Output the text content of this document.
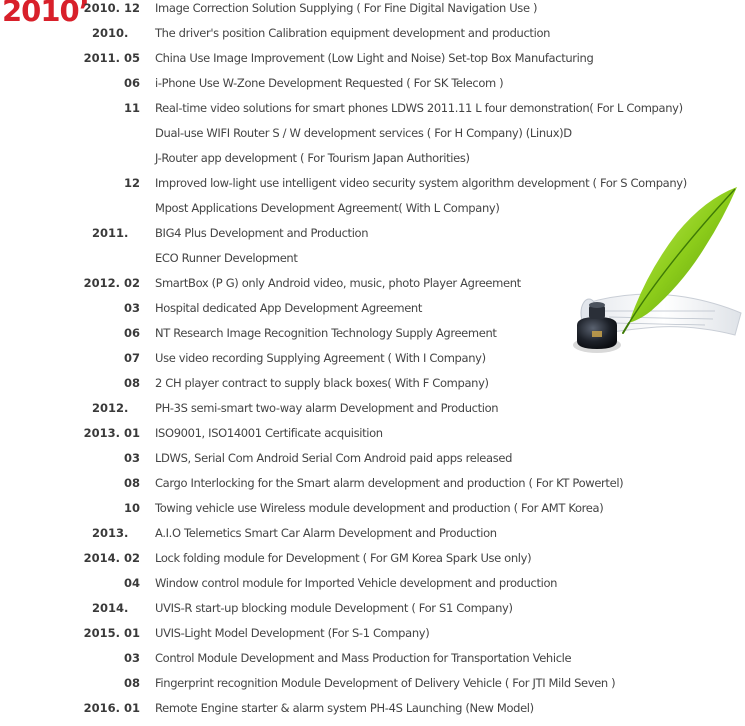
2010’
2010. 12 Image Correction Solution Supplying ( For Fine Digital Navigation Use )
2010. The driver's position Calibration equipment development and production
2011. 05 China Use Image Improvement (Low Light and Noise) Set-top Box Manufacturing
06 i-Phone Use W-Zone Development Requested ( For SK Telecom )
11 Real-time video solutions for smart phones LDWS 2011.11 L four demonstration( For L Company)
Dual-use WIFI Router S / W development services ( For H Company) (Linux)D
J-Router app development ( For Tourism Japan Authorities)
12 Improved low-light use intelligent video security system algorithm development ( For S Company)
Mpost Applications Development Agreement( With L Company)
2011. BIG4 Plus Development and Production
ECO Runner Development
2012. 02 SmartBox (P G) only Android video, music, photo Player Agreement
03 Hospital dedicated App Development Agreement
06 NT Research Image Recognition Technology Supply Agreement
07 Use video recording Supplying Agreement ( With I Company)
08 2 CH player contract to supply black boxes( With F Company)
2012. PH-3S semi-smart two-way alarm Development and Production
2013. 01 ISO9001, ISO14001 Certificate acquisition
03 LDWS, Serial Com Android Serial Com Android paid apps released
08 Cargo Interlocking for the Smart alarm development and production ( For KT Powertel)
10 Towing vehicle use Wireless module development and production ( For AMT Korea)
2013. A.I.O Telemetics Smart Car Alarm Development and Production
2014. 02 Lock folding module for Development ( For GM Korea Spark Use only)
04 Window control module for Imported Vehicle development and production
2014. UVIS-R start-up blocking module Development ( For S1 Company)
2015. 01 UVIS-Light Model Development (For S-1 Company)
03 Control Module Development and Mass Production for Transportation Vehicle
08 Fingerprint recognition Module Development of Delivery Vehicle ( For JTI Mild Seven )
2016. 01 Remote Engine starter & alarm system PH-4S Launching (New Model)
